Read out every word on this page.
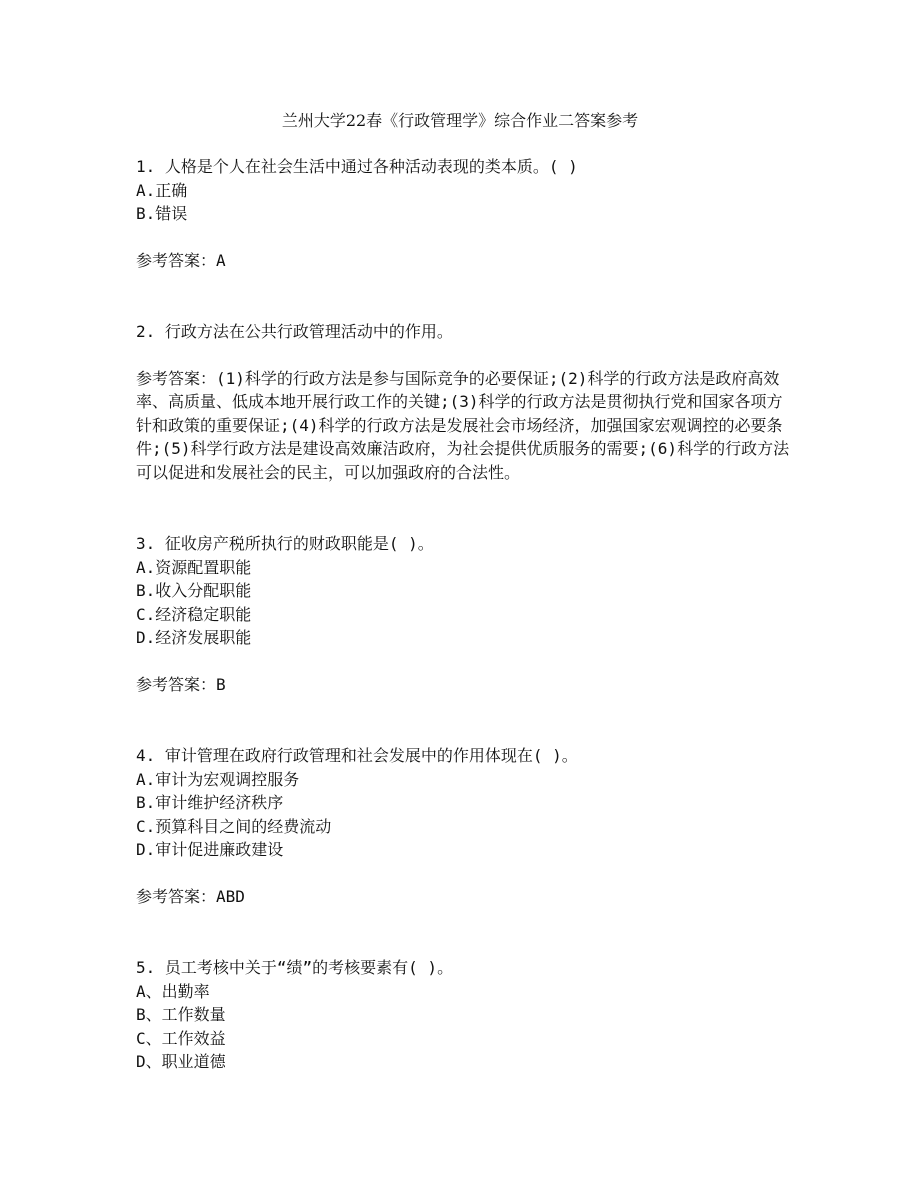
兰州大学22春《行政管理学》综合作业二答案参考
1. 人格是个人在社会生活中通过各种活动表现的类本质。( )
A.正确
B.错误
参考答案：A
2. 行政方法在公共行政管理活动中的作用。
参考答案：(1)科学的行政方法是参与国际竞争的必要保证;(2)科学的行政方法是政府高效率、高质量、低成本地开展行政工作的关键;(3)科学的行政方法是贯彻执行党和国家各项方针和政策的重要保证;(4)科学的行政方法是发展社会市场经济，加强国家宏观调控的必要条件;(5)科学行政方法是建设高效廉洁政府，为社会提供优质服务的需要;(6)科学的行政方法可以促进和发展社会的民主，可以加强政府的合法性。
3. 征收房产税所执行的财政职能是( )。
A.资源配置职能
B.收入分配职能
C.经济稳定职能
D.经济发展职能
参考答案：B
4. 审计管理在政府行政管理和社会发展中的作用体现在( )。
A.审计为宏观调控服务
B.审计维护经济秩序
C.预算科目之间的经费流动
D.审计促进廉政建设
参考答案：ABD
5. 员工考核中关于“绩”的考核要素有( )。
A、出勤率
B、工作数量
C、工作效益
D、职业道德
